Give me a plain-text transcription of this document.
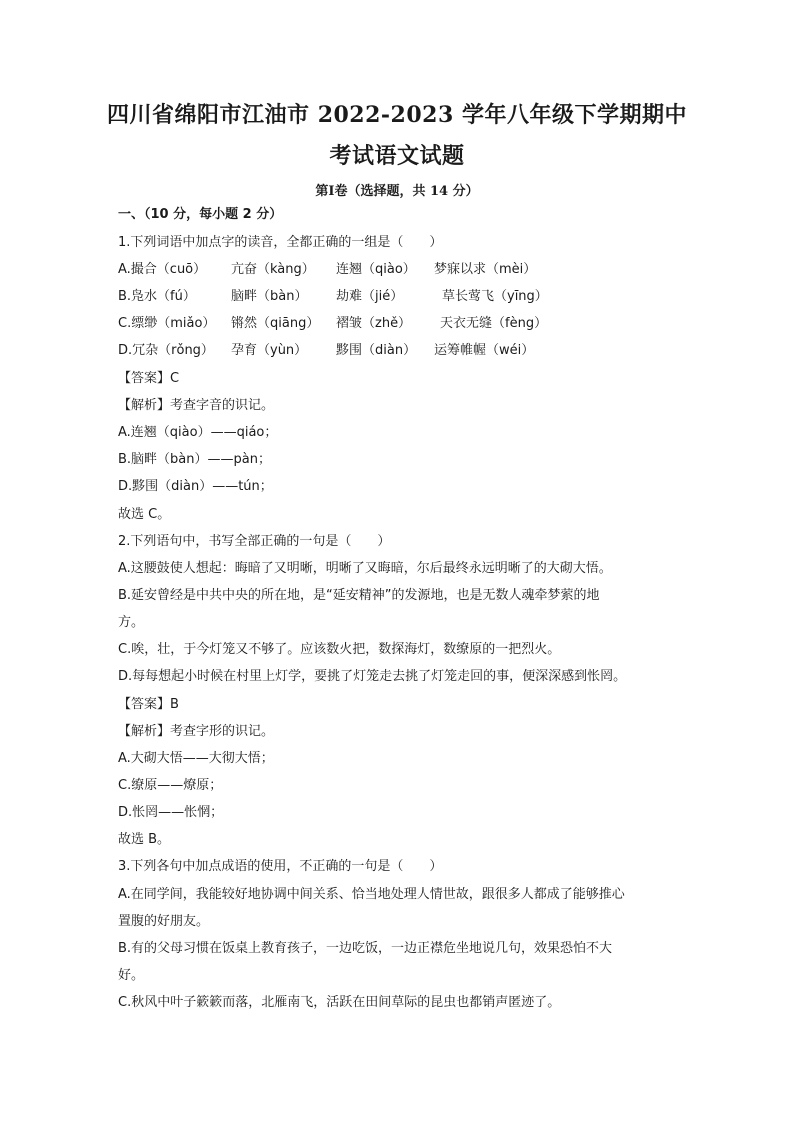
四川省绵阳市江油市 2022-2023 学年八年级下学期期中
考试语文试题
第Ⅰ卷（选择题，共 14 分）
一、（10 分，每小题 2 分）
1.下列词语中加点字的读音，全都正确的一组是（　　）
A.撮合（cuō） 亢奋（kàng） 连翘（qiào） 梦寐以求（mèi）
B.凫水（fú）	脑畔（bàn） 劫难（jié）	草长莺飞（yīng）
C.缥缈（miǎo） 锵然（qiāng） 褶皱（zhě） 天衣无缝（fèng）
D.冗杂（rǒng） 孕育（yùn） 黟围（diàn） 运筹帷幄（wéi）
【答案】C
【解析】考查字音的识记。
A.连翘（qiào）——qiáo；
B.脑畔（bàn）——pàn；
D.黟围（diàn）——tún；
故选 C。
2.下列语句中，书写全部正确的一句是（　　）
A.这腰鼓使人想起：晦暗了又明晰，明晰了又晦暗，尔后最终永远明晰了的大砌大悟。
B.延安曾经是中共中央的所在地，是“延安精神”的发源地，也是无数人魂牵梦萦的地
方。
C.唉，壮，于今灯笼又不够了。应该数火把，数探海灯，数缭原的一把烈火。
D.每每想起小时候在村里上灯学，要挑了灯笼走去挑了灯笼走回的事，便深深感到怅罔。
【答案】B
【解析】考查字形的识记。
A.大砌大悟——大彻大悟；
C.缭原——燎原；
D.怅罔——怅惘；
故选 B。
3.下列各句中加点成语的使用，不正确的一句是（　　）
A.在同学间，我能较好地协调中间关系、恰当地处理人情世故，跟很多人都成了能够推心
置腹的好朋友。
B.有的父母习惯在饭桌上教育孩子，一边吃饭，一边正襟危坐地说几句，效果恐怕不大
好。
C.秋风中叶子簌簌而落，北雁南飞，活跃在田间草际的昆虫也都销声匿迹了。
